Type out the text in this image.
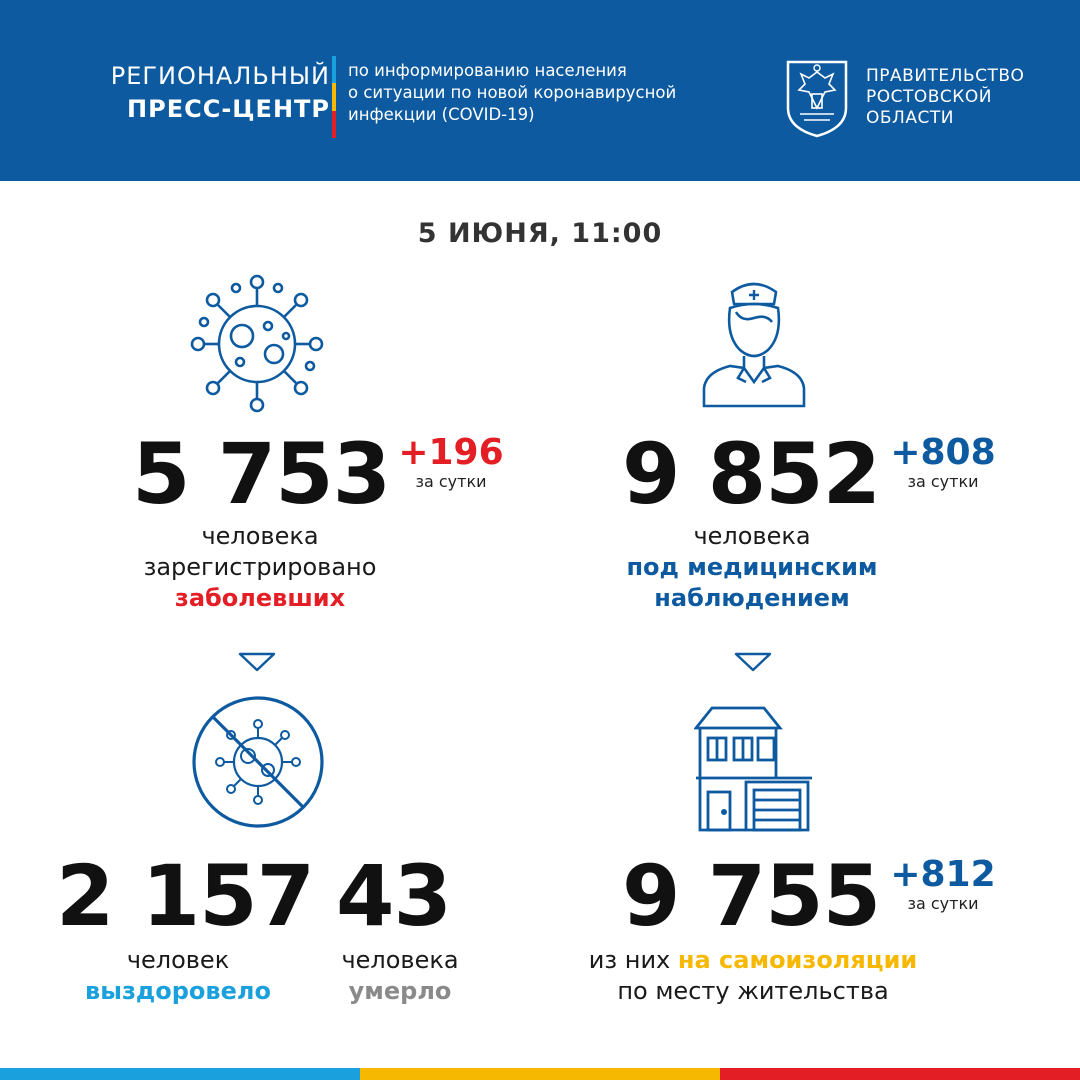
РЕГИОНАЛЬНЫЙ
ПРЕСС-ЦЕНТР
по информированию населения
о ситуации по новой коронавирусной
инфекции (COVID-19)
ПРАВИТЕЛЬСТВО
РОСТОВСКОЙ
ОБЛАСТИ
5 ИЮНЯ, 11:00
5 753 +196
за сутки
человека
зарегистрировано
заболевших
9 852 +808
за сутки
человека
под медицинским
наблюдением
2 157
человек
выздоровело
43
человека
умерло
9 755 +812
за сутки
из них на самоизоляции
по месту жительства
